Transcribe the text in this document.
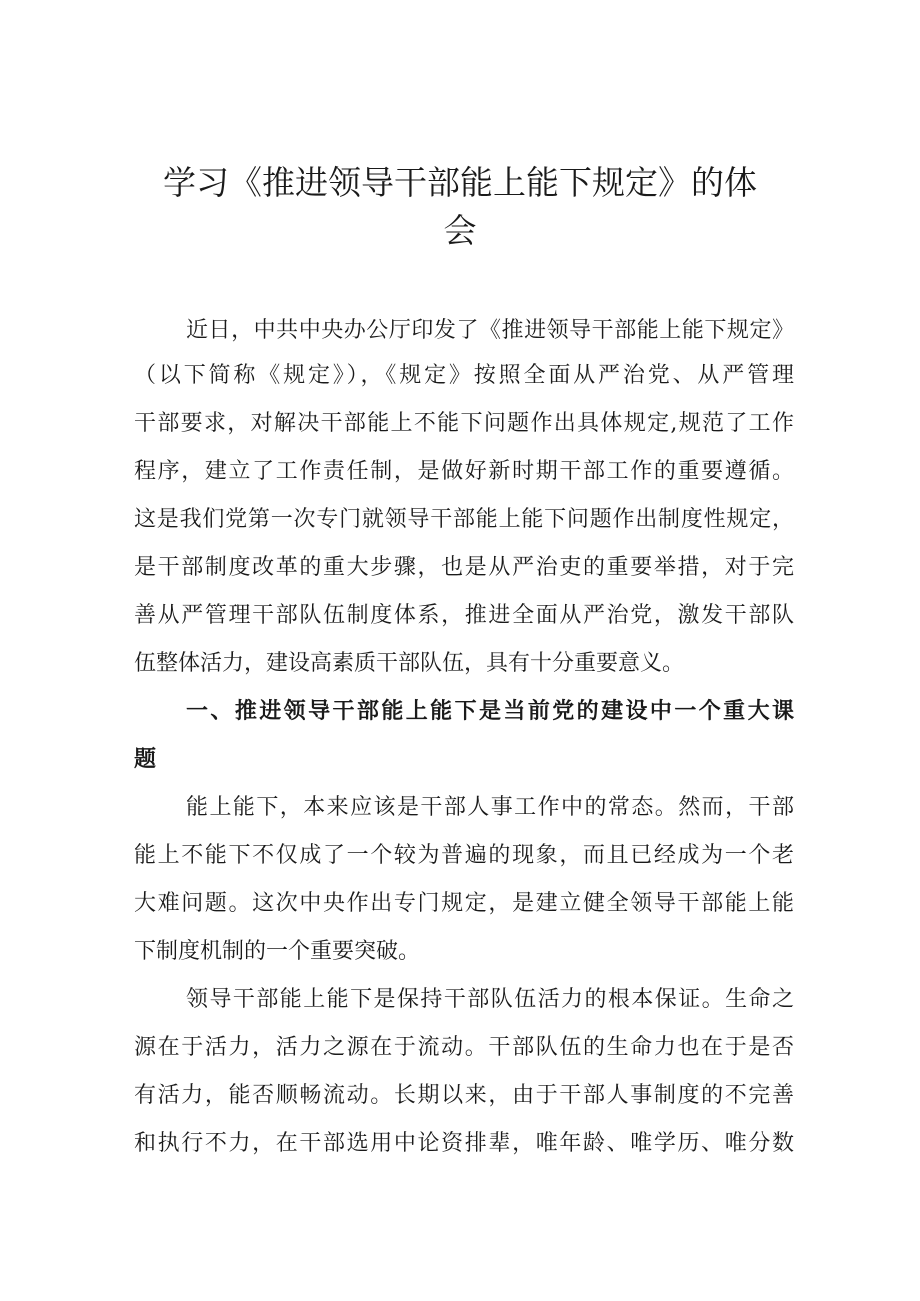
学习《推进领导干部能上能下规定》的体
会
近日，中共中央办公厅印发了《推进领导干部能上能下规定》
（以下简称《规定》），《规定》按照全面从严治党、从严管理
干部要求，对解决干部能上不能下问题作出具体规定,规范了工作
程序，建立了工作责任制，是做好新时期干部工作的重要遵循。
这是我们党第一次专门就领导干部能上能下问题作出制度性规定，
是干部制度改革的重大步骤，也是从严治吏的重要举措，对于完
善从严管理干部队伍制度体系，推进全面从严治党，激发干部队
伍整体活力，建设高素质干部队伍，具有十分重要意义。
一、推进领导干部能上能下是当前党的建设中一个重大课
题
能上能下，本来应该是干部人事工作中的常态。然而，干部
能上不能下不仅成了一个较为普遍的现象，而且已经成为一个老
大难问题。这次中央作出专门规定，是建立健全领导干部能上能
下制度机制的一个重要突破。
领导干部能上能下是保持干部队伍活力的根本保证。生命之
源在于活力，活力之源在于流动。干部队伍的生命力也在于是否
有活力，能否顺畅流动。长期以来，由于干部人事制度的不完善
和执行不力，在干部选用中论资排辈，唯年龄、唯学历、唯分数
